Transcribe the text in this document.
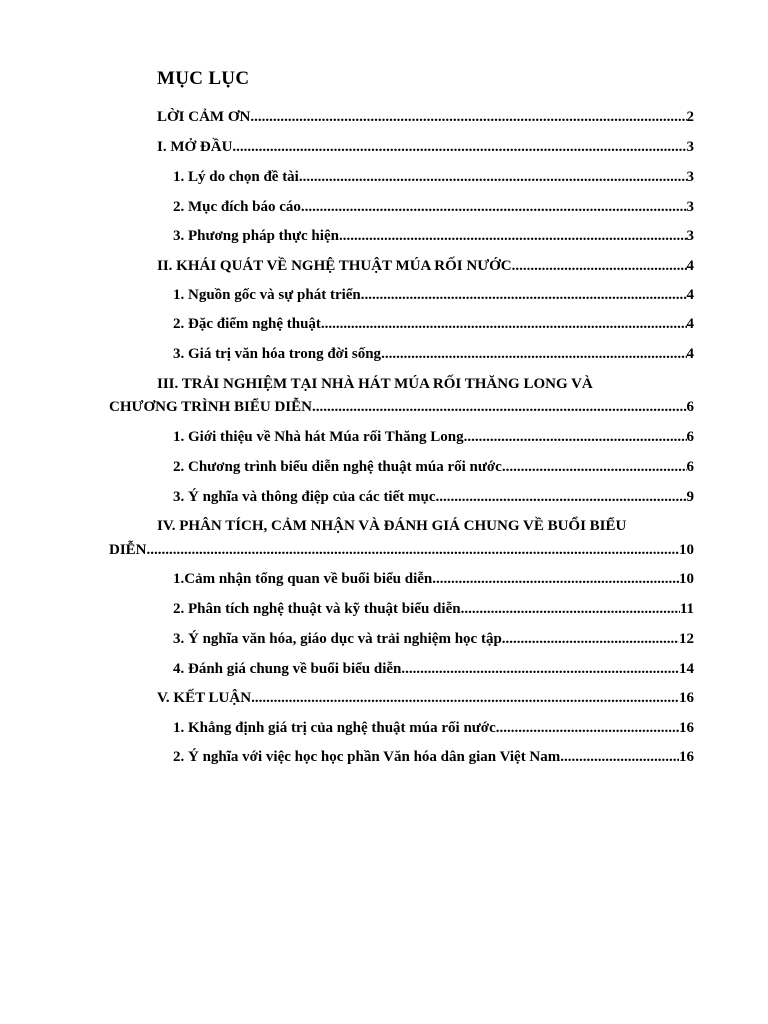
MỤC LỤC
LỜI CẢM ƠN .....	2
I. MỞ ĐẦU .....	3
1. Lý do chọn đề tài .....	3
2. Mục đích báo cáo .....	3
3. Phương pháp thực hiện .....	3
II. KHÁI QUÁT VỀ NGHỆ THUẬT MÚA RỐI NƯỚC .....	4
1. Nguồn gốc và sự phát triển .....	4
2. Đặc điểm nghệ thuật .....	4
3. Giá trị văn hóa trong đời sống .....	4
III. TRẢI NGHIỆM TẠI NHÀ HÁT MÚA RỐI THĂNG LONG VÀ
CHƯƠNG TRÌNH BIỂU DIỄN .....	6
1. Giới thiệu về Nhà hát Múa rối Thăng Long .....	6
2. Chương trình biểu diễn nghệ thuật múa rối nước .....	6
3. Ý nghĩa và thông điệp của các tiết mục .....	9
IV. PHÂN TÍCH, CẢM NHẬN VÀ ĐÁNH GIÁ CHUNG VỀ BUỔI BIỂU
DIỄN .....	10
1.Cảm nhận tổng quan về buổi biểu diễn .....	10
2. Phân tích nghệ thuật và kỹ thuật biểu diễn .....	11
3. Ý nghĩa văn hóa, giáo dục và trải nghiệm học tập .....	12
4. Đánh giá chung về buổi biểu diễn .....	14
V. KẾT LUẬN .....	16
1. Khẳng định giá trị của nghệ thuật múa rối nước .....	16
2. Ý nghĩa với việc học học phần Văn hóa dân gian Việt Nam .....	16
